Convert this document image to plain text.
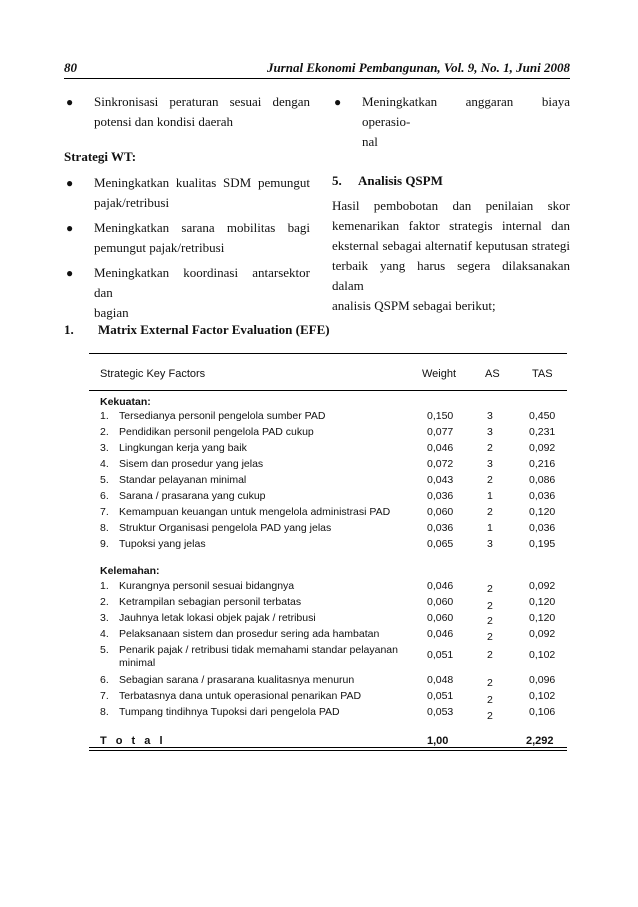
80	Jurnal Ekonomi Pembangunan, Vol. 9, No. 1, Juni 2008
● Sinkronisasi peraturan sesuai dengan
potensi dan kondisi daerah
Strategi WT:
● Meningkatkan kualitas SDM pemungut
pajak/retribusi
● Meningkatkan sarana mobilitas bagi
pemungut pajak/retribusi
● Meningkatkan koordinasi antarsektor dan
bagian
● Meningkatkan anggaran biaya operasio-
nal
5. Analisis QSPM
Hasil pembobotan dan penilaian skor
kemenarikan faktor strategis internal dan
eksternal sebagai alternatif keputusan strategi
terbaik yang harus segera dilaksanakan dalam
analisis QSPM sebagai berikut;
1. Matrix External Factor Evaluation (EFE)
Strategic Key Factors	Weight	AS	TAS
Kekuatan:
1. Tersedianya personil pengelola sumber PAD	0,150	3	0,450
2. Pendidikan personil pengelola PAD cukup	0,077	3	0,231
3. Lingkungan kerja yang baik	0,046	2	0,092
4. Sisem dan prosedur yang jelas	0,072	3	0,216
5. Standar pelayanan minimal	0,043	2	0,086
6. Sarana / prasarana yang cukup	0,036	1	0,036
7. Kemampuan keuangan untuk mengelola administrasi PAD	0,060	2	0,120
8. Struktur Organisasi pengelola PAD yang jelas	0,036	1	0,036
9. Tupoksi yang jelas	0,065	3	0,195
Kelemahan:
1. Kurangnya personil sesuai bidangnya	0,046	2	0,092
2. Ketrampilan sebagian personil terbatas	0,060	2	0,120
3. Jauhnya letak lokasi objek pajak / retribusi	0,060	2	0,120
4. Pelaksanaan sistem dan prosedur sering ada hambatan	0,046	2	0,092
5. Penarik pajak / retribusi tidak memahami standar pelayanan minimal
0,051	2	0,102
6. Sebagian sarana / prasarana kualitasnya menurun	0,048	2	0,096
7. Terbatasnya dana untuk operasional penarikan PAD	0,051	2	0,102
8. Tumpang tindihnya Tupoksi dari pengelola PAD	0,053	2	0,106
T o t a l	1,00	2,292
